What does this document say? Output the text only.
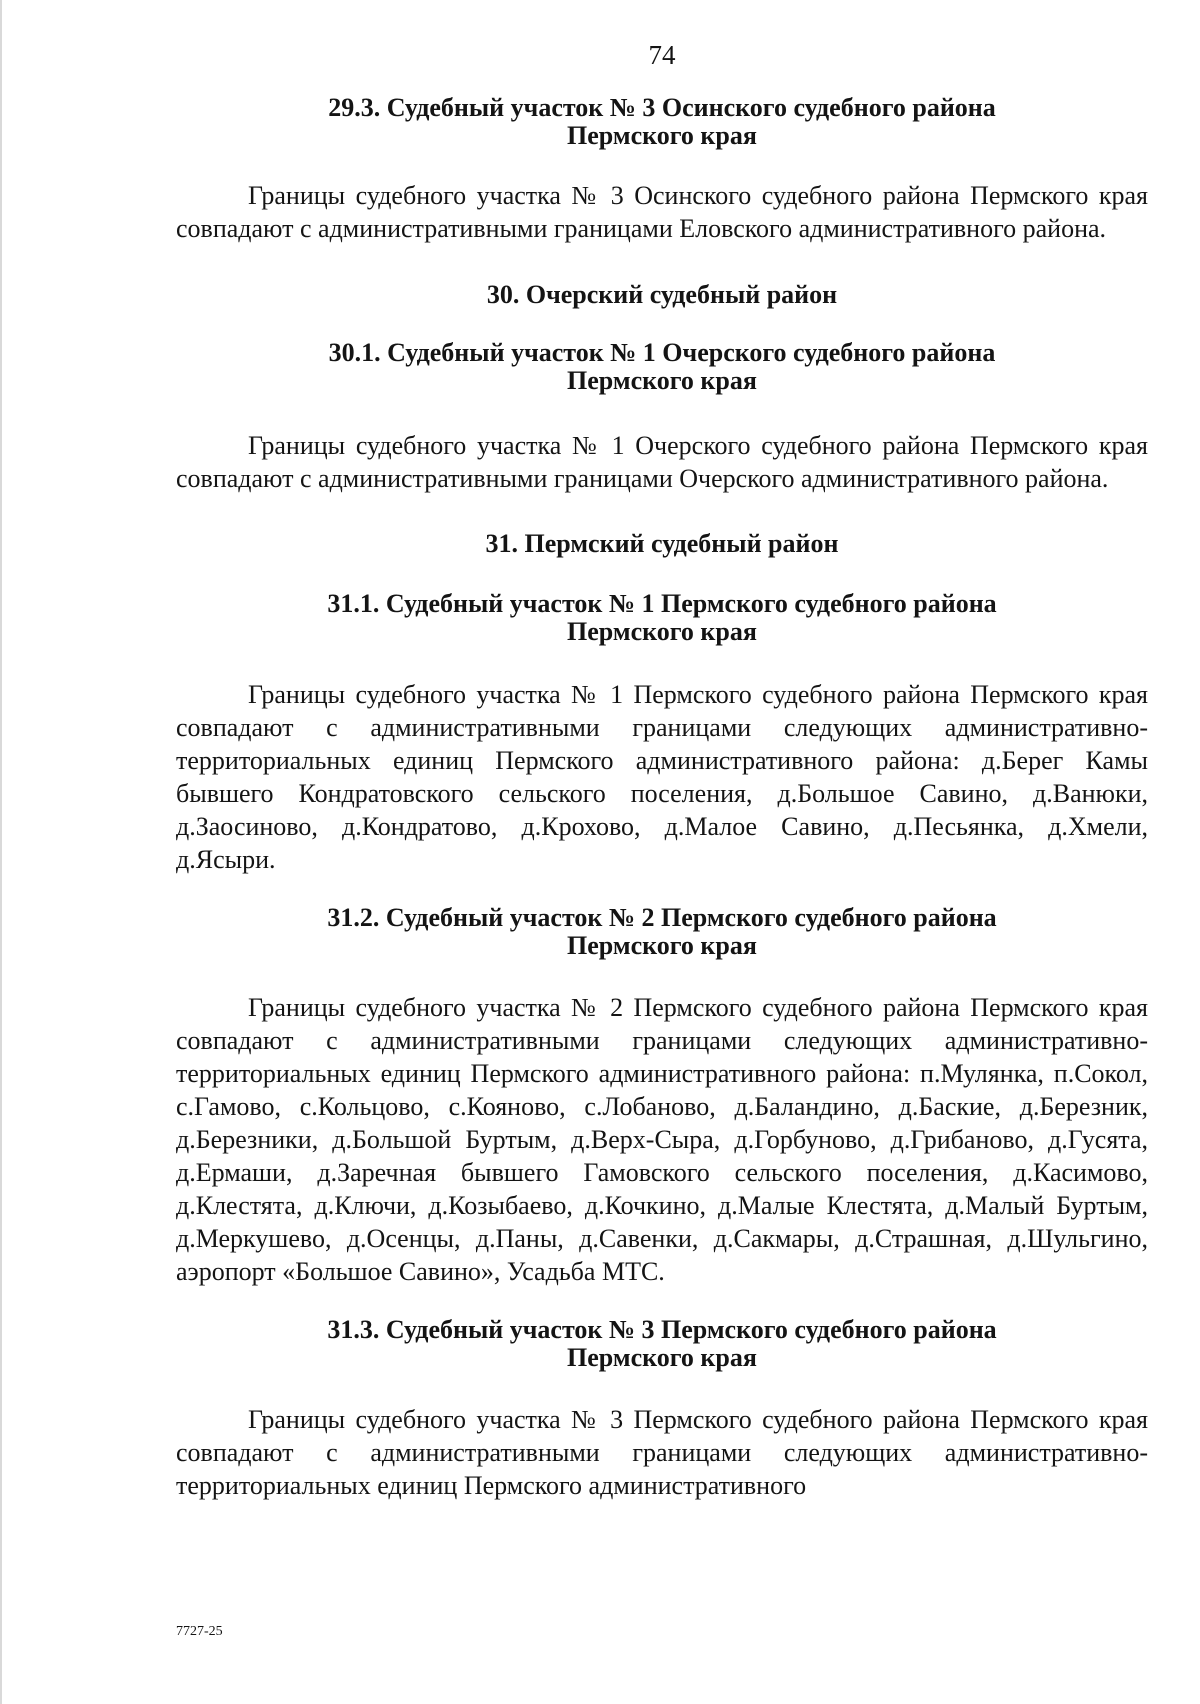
74
29.3. Судебный участок № 3 Осинского судебного района
Пермского края

Границы судебного участка № 3 Осинского судебного района Пермского края совпадают с административными границами Еловского административного района.

30. Очерский судебный район
30.1. Судебный участок № 1 Очерского судебного района
Пермского края

Границы судебного участка № 1 Очерского судебного района Пермского края совпадают с административными границами Очерского административного района.

31. Пермский судебный район
31.1. Судебный участок № 1 Пермского судебного района
Пермского края

Границы судебного участка № 1 Пермского судебного района Пермского края совпадают с административными границами следующих административно-территориальных единиц Пермского административного района: д.Берег Камы бывшего Кондратовского сельского поселения, д.Большое Савино, д.Ванюки, д.Заосиново, д.Кондратово, д.Крохово, д.Малое Савино, д.Песьянка, д.Хмели, д.Ясыри.

31.2. Судебный участок № 2 Пермского судебного района
Пермского края

Границы судебного участка № 2 Пермского судебного района Пермского края совпадают с административными границами следующих административно-территориальных единиц Пермского административного района: п.Мулянка, п.Сокол, с.Гамово, с.Кольцово, с.Кояново, с.Лобаново, д.Баландино, д.Баские, д.Березник, д.Березники, д.Большой Буртым, д.Верх-Сыра, д.Горбуново, д.Грибаново, д.Гусята, д.Ермаши, д.Заречная бывшего Гамовского сельского поселения, д.Касимово, д.Клестята, д.Ключи, д.Козыбаево, д.Кочкино, д.Малые Клестята, д.Малый Буртым, д.Меркушево, д.Осенцы, д.Паны, д.Савенки, д.Сакмары, д.Страшная, д.Шульгино, аэропорт «Большое Савино», Усадьба МТС.

31.3. Судебный участок № 3 Пермского судебного района
Пермского края

Границы судебного участка № 3 Пермского судебного района Пермского края совпадают с административными границами следующих административно-территориальных единиц Пермского административного

7727-25
